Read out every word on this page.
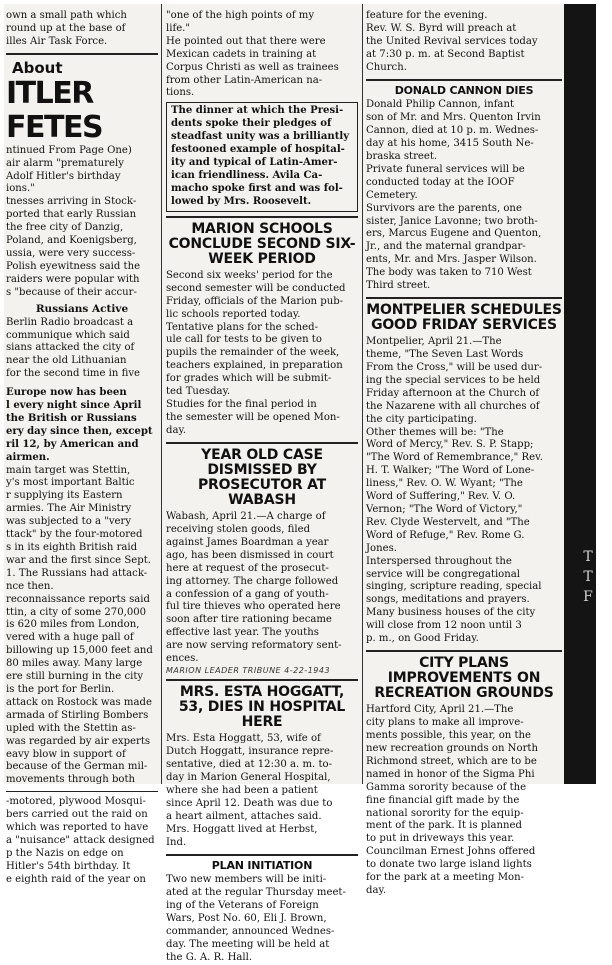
own a small path which

round up at the base of

illes Air Task Force.

About
ITLER FETES

ntinued From Page One)

air alarm "prematurely

Adolf Hitler's birthday

ions."

tnesses arriving in Stock-

ported that early Russian

the free city of Danzig,

Poland, and Koenigsberg,

ussia, were very success-

Polish eyewitness said the

raiders were popular with

s "because of their accur-

Russians Active

Berlin Radio broadcast a

communique which said

sians attacked the city of

near the old Lithuanian

for the second time in five

Europe now has been

l every night since April

the British or Russians

ery day since then, except

ril 12, by American and

airmen.

main target was Stettin,

y's most important Baltic

r supplying its Eastern

armies. The Air Ministry

was subjected to a "very

ttack" by the four-motored

s in its eighth British raid

war and the first since Sept.

1. The Russians had attack-

nce then.

reconnaissance reports said

ttin, a city of some 270,000

is 620 miles from London,

vered with a huge pall of

billowing up 15,000 feet and

80 miles away. Many large

ere still burning in the city

is the port for Berlin.

attack on Rostock was made

armada of Stirling Bombers

upled with the Stettin as-

was regarded by air experts

eavy blow in support of

because of the German mil-

movements through both

-motored, plywood Mosqui-

bers carried out the raid on

which was reported to have

a "nuisance" attack designed

p the Nazis on edge on

Hitler's 54th birthday. It

e eighth raid of the year on

"one of the high points of my

life."

He pointed out that there were

Mexican cadets in training at

Corpus Christi as well as trainees

from other Latin-American na-

tions.

The dinner at which the Presi-

dents spoke their pledges of

steadfast unity was a brilliantly

festooned example of hospital-

ity and typical of Latin-Amer-

ican friendliness. Avila Ca-

macho spoke first and was fol-

lowed by Mrs. Roosevelt.

MARION SCHOOLS CONCLUDE SECOND SIX-WEEK PERIOD

Second six weeks' period for the

second semester will be conducted

Friday, officials of the Marion pub-

lic schools reported today.

Tentative plans for the sched-

ule call for tests to be given to

pupils the remainder of the week,

teachers explained, in preparation

for grades which will be submit-

ted Tuesday.

Studies for the final period in

the semester will be opened Mon-

day.

YEAR OLD CASE DISMISSED BY PROSECUTOR AT WABASH

Wabash, April 21.—A charge of

receiving stolen goods, filed

against James Boardman a year

ago, has been dismissed in court

here at request of the prosecut-

ing attorney. The charge followed

a confession of a gang of youth-

ful tire thieves who operated here

soon after tire rationing became

effective last year. The youths

are now serving reformatory sent-

ences.

MARION LEADER TRIBUNE 4-22-1943
MRS. ESTA HOGGATT, 53, DIES IN HOSPITAL HERE

Mrs. Esta Hoggatt, 53, wife of

Dutch Hoggatt, insurance repre-

sentative, died at 12:30 a. m. to-

day in Marion General Hospital,

where she had been a patient

since April 12. Death was due to

a heart ailment, attaches said.

Mrs. Hoggatt lived at Herbst,

Ind.

PLAN INITIATION

Two new members will be initi-

ated at the regular Thursday meet-

ing of the Veterans of Foreign

Wars, Post No. 60, Eli J. Brown,

commander, announced Wednes-

day. The meeting will be held at

the G. A. R. Hall.

feature for the evening.

Rev. W. S. Byrd will preach at

the United Revival services today

at 7:30 p. m. at Second Baptist

Church.

DONALD CANNON DIES

Donald Philip Cannon, infant

son of Mr. and Mrs. Quenton Irvin

Cannon, died at 10 p. m. Wednes-

day at his home, 3415 South Ne-

braska street.

Private funeral services will be

conducted today at the IOOF

Cemetery.

Survivors are the parents, one

sister, Janice Lavonne; two broth-

ers, Marcus Eugene and Quenton,

Jr., and the maternal grandpar-

ents, Mr. and Mrs. Jasper Wilson.

The body was taken to 710 West

Third street.

MONTPELIER SCHEDULES GOOD FRIDAY SERVICES

Montpelier, April 21.—The

theme, "The Seven Last Words

From the Cross," will be used dur-

ing the special services to be held

Friday afternoon at the Church of

the Nazarene with all churches of

the city participating.

Other themes will be: "The

Word of Mercy," Rev. S. P. Stapp;

"The Word of Remembrance," Rev.

H. T. Walker; "The Word of Lone-

liness," Rev. O. W. Wyant; "The

Word of Suffering," Rev. V. O.

Vernon; "The Word of Victory,"

Rev. Clyde Westervelt, and "The

Word of Refuge," Rev. Rome G.

Jones.

Interspersed throughout the

service will be congregational

singing, scripture reading, special

songs, meditations and prayers.

Many business houses of the city

will close from 12 noon until 3

p. m., on Good Friday.

CITY PLANS IMPROVEMENTS ON RECREATION GROUNDS

Hartford City, April 21.—The

city plans to make all improve-

ments possible, this year, on the

new recreation grounds on North

Richmond street, which are to be

named in honor of the Sigma Phi

Gamma sorority because of the

fine financial gift made by the

national sorority for the equip-

ment of the park. It is planned

to put in driveways this year.

Councilman Ernest Johns offered

to donate two large island lights

for the park at a meeting Mon-

day.

T
T
F
